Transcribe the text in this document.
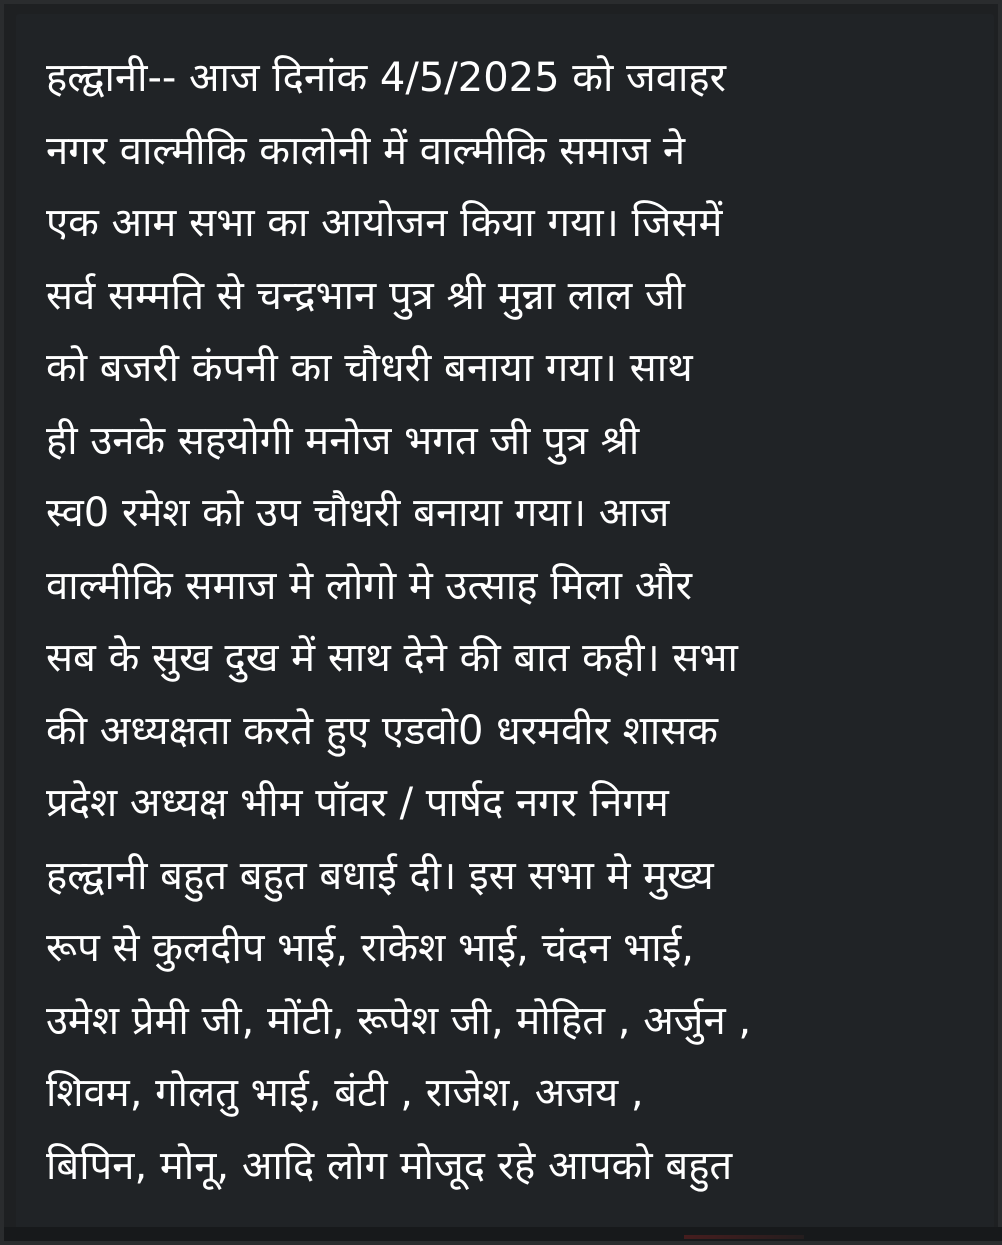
हल्द्वानी-- आज दिनांक 4/5/2025 को जवाहर
नगर वाल्मीकि कालोनी में वाल्मीकि समाज ने
एक आम सभा का आयोजन किया गया। जिसमें
सर्व सम्मति से चन्द्रभान पुत्र श्री मुन्ना लाल जी
को बजरी कंपनी का चौधरी बनाया गया। साथ
ही उनके सहयोगी मनोज भगत जी पुत्र श्री
स्व0 रमेश को उप चौधरी बनाया गया। आज
वाल्मीकि समाज मे लोगो मे उत्साह मिला और
सब के सुख दुख में साथ देने की बात कही। सभा
की अध्यक्षता करते हुए एडवो0 धरमवीर शासक
प्रदेश अध्यक्ष भीम पॉवर / पार्षद नगर निगम
हल्द्वानी बहुत बहुत बधाई दी। इस सभा मे मुख्य
रूप से कुलदीप भाई, राकेश भाई, चंदन भाई,
उमेश प्रेमी जी, मोंटी, रूपेश जी, मोहित , अर्जुन ,
शिवम, गोलतु भाई, बंटी , राजेश, अजय ,
बिपिन, मोनू, आदि लोग मोजूद रहे आपको बहुत
